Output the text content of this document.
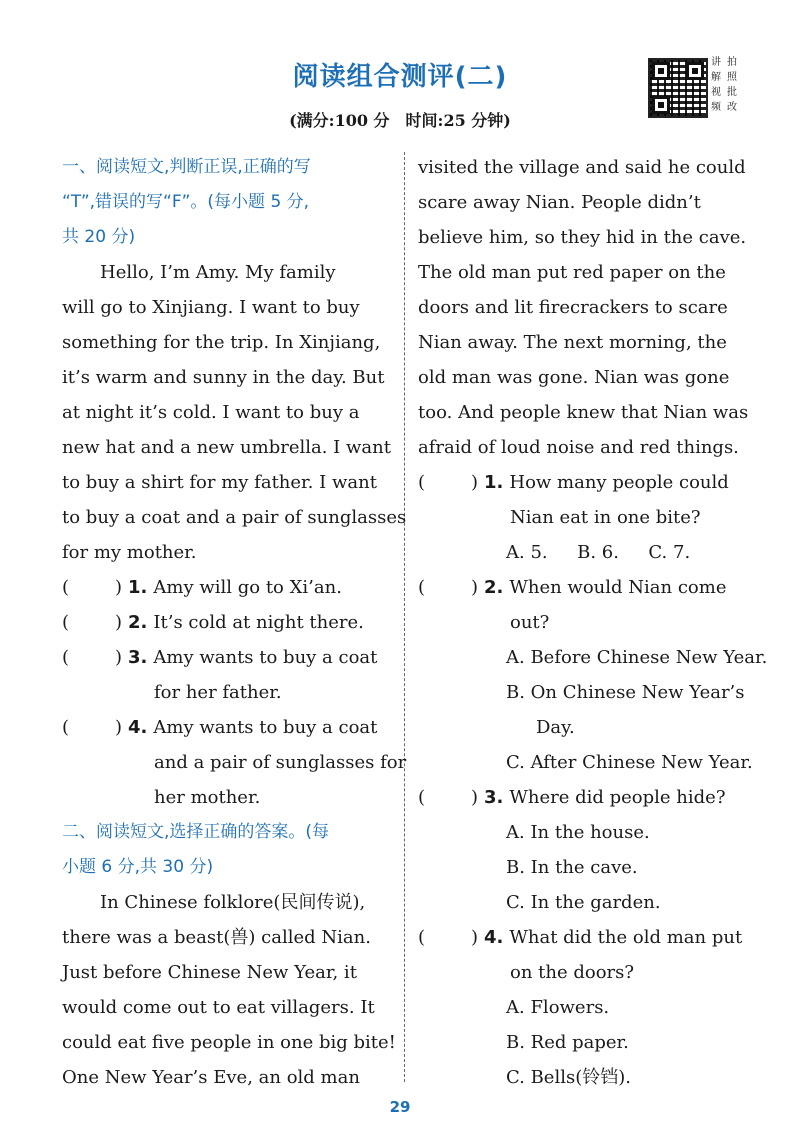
阅读组合测评(二)
(满分:100 分　时间:25 分钟)
讲 拍
解 照
视 批
频 改
一、阅读短文,判断正误,正确的写
“T”,错误的写“F”。(每小题 5 分,
共 20 分)
Hello, I’m Amy. My family
will go to Xinjiang. I want to buy
something for the trip. In Xinjiang,
it’s warm and sunny in the day. But
at night it’s cold. I want to buy a
new hat and a new umbrella. I want
to buy a shirt for my father. I want
to buy a coat and a pair of sunglasses
for my mother.
(	) 1. Amy will go to Xi’an.
(	) 2. It’s cold at night there.
(	) 3. Amy wants to buy a coat
for her father.
(	) 4. Amy wants to buy a coat
and a pair of sunglasses for
her mother.
二、阅读短文,选择正确的答案。(每
小题 6 分,共 30 分)
In Chinese folklore(民间传说),
there was a beast(兽) called Nian.
Just before Chinese New Year, it
would come out to eat villagers. It
could eat five people in one big bite!
One New Year’s Eve, an old man
visited the village and said he could
scare away Nian. People didn’t
believe him, so they hid in the cave.
The old man put red paper on the
doors and lit firecrackers to scare
Nian away. The next morning, the
old man was gone. Nian was gone
too. And people knew that Nian was
afraid of loud noise and red things.
(	) 1. How many people could
Nian eat in one bite?
A. 5. B. 6. C. 7.
(	) 2. When would Nian come
out?
A. Before Chinese New Year.
B. On Chinese New Year’s
Day.
C. After Chinese New Year.
(	) 3. Where did people hide?
A. In the house.
B. In the cave.
C. In the garden.
(	) 4. What did the old man put
on the doors?
A. Flowers.
B. Red paper.
C. Bells(铃铛).
29
